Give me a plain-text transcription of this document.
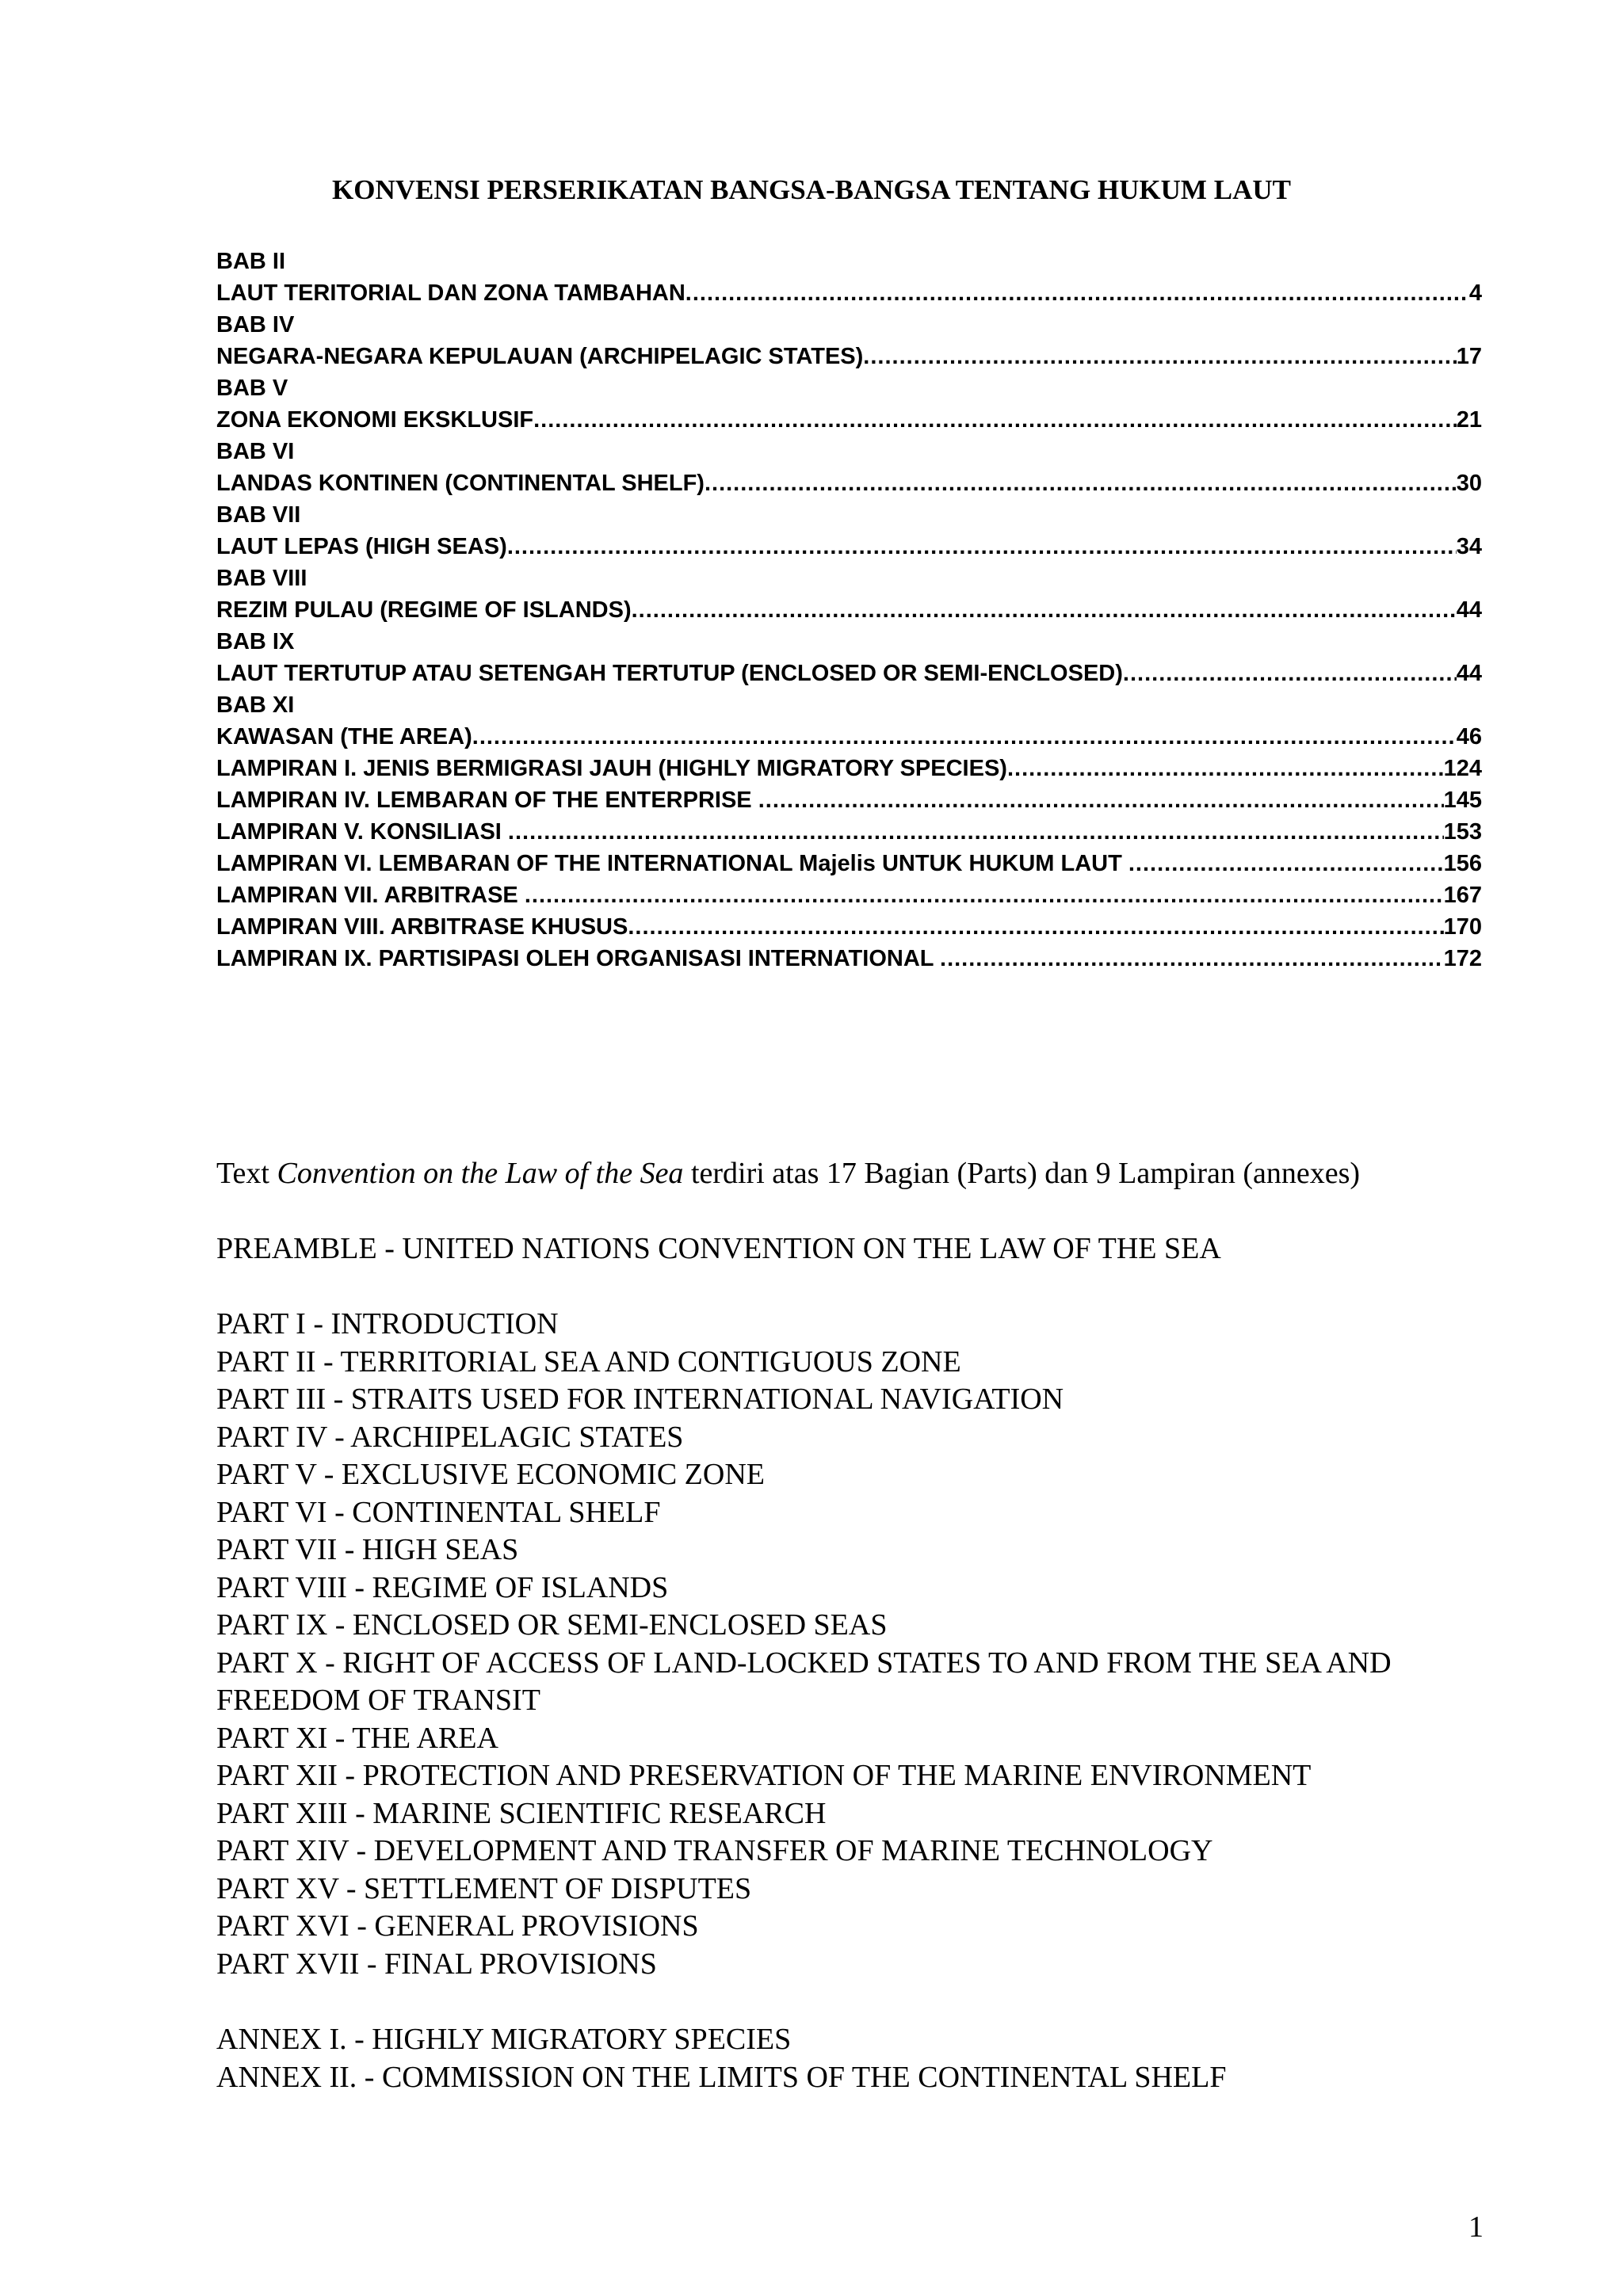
KONVENSI PERSERIKATAN BANGSA-BANGSA TENTANG HUKUM LAUT
BAB II
LAUT TERITORIAL DAN ZONA TAMBAHAN .....	4
BAB IV
NEGARA-NEGARA KEPULAUAN (ARCHIPELAGIC STATES) .....	17
BAB V
ZONA EKONOMI EKSKLUSIF .....	21
BAB VI
LANDAS KONTINEN (CONTINENTAL SHELF) .....	30
BAB VII
LAUT LEPAS (HIGH SEAS) .....	34
BAB VIII
REZIM PULAU (REGIME OF ISLANDS) .....	44
BAB IX
LAUT TERTUTUP ATAU SETENGAH TERTUTUP (ENCLOSED OR SEMI-ENCLOSED) .....	44
BAB XI
KAWASAN (THE AREA) .....	46
LAMPIRAN I. JENIS BERMIGRASI JAUH (HIGHLY MIGRATORY SPECIES) .....	124
LAMPIRAN IV. LEMBARAN OF THE ENTERPRISE .....	145
LAMPIRAN V. KONSILIASI .....	153
LAMPIRAN VI. LEMBARAN OF THE INTERNATIONAL Majelis UNTUK HUKUM LAUT .....	156
LAMPIRAN VII. ARBITRASE .....	167
LAMPIRAN VIII. ARBITRASE KHUSUS .....	170
LAMPIRAN IX. PARTISIPASI OLEH ORGANISASI INTERNATIONAL .....	172

Text Convention on the Law of the Sea terdiri atas 17 Bagian (Parts) dan 9 Lampiran (annexes)

PREAMBLE - UNITED NATIONS CONVENTION ON THE LAW OF THE SEA

PART I - INTRODUCTION
PART II - TERRITORIAL SEA AND CONTIGUOUS ZONE
PART III - STRAITS USED FOR INTERNATIONAL NAVIGATION
PART IV - ARCHIPELAGIC STATES
PART V - EXCLUSIVE ECONOMIC ZONE
PART VI - CONTINENTAL SHELF
PART VII - HIGH SEAS
PART VIII - REGIME OF ISLANDS
PART IX - ENCLOSED OR SEMI-ENCLOSED SEAS
PART X - RIGHT OF ACCESS OF LAND-LOCKED STATES TO AND FROM THE SEA AND FREEDOM OF TRANSIT
PART XI - THE AREA
PART XII - PROTECTION AND PRESERVATION OF THE MARINE ENVIRONMENT
PART XIII - MARINE SCIENTIFIC RESEARCH
PART XIV - DEVELOPMENT AND TRANSFER OF MARINE TECHNOLOGY
PART XV - SETTLEMENT OF DISPUTES
PART XVI - GENERAL PROVISIONS
PART XVII - FINAL PROVISIONS
ANNEX I. - HIGHLY MIGRATORY SPECIES
ANNEX II. - COMMISSION ON THE LIMITS OF THE CONTINENTAL SHELF
1
